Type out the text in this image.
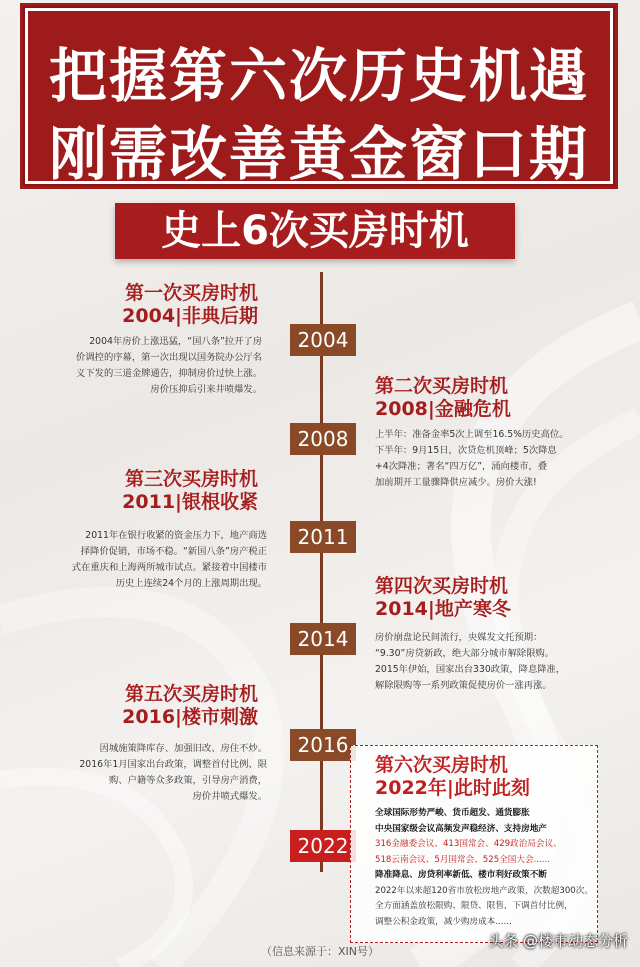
把握第六次历史机遇
刚需改善黄金窗口期
史上6次买房时机
2004
2008
2011
2014
2016
2022
第一次买房时机
2004|非典后期
2004年房价上涨迅猛，“国八条”拉开了房
价调控的序幕，第一次出现以国务院办公厅名
义下发的三道金牌通告，抑制房价过快上涨。
房价压抑后引来井喷爆发。	第二次买房时机
2008|金融危机
上半年：准备金率5次上调至16.5%历史高位。
下半年：9月15日，次贷危机顶峰；5次降息
+4次降准；著名“四万亿”，涌向楼市，叠
加前期开工量骤降供应减少。房价大涨!
第三次买房时机
2011|银根收紧
2011年在银行收紧的资金压力下，地产商选
择降价促销，市场不稳。“新国八条”房产税正
式在重庆和上海两所城市试点。紧接着中国楼市
历史上连续24个月的上涨周期出现。	第四次买房时机
2014|地产寒冬
房价崩盘论民间流行，央媒发文托预期：
“9.30”房贷新政，绝大部分城市解除限购。
2015年伊始，国家出台330政策，降息降准，
解除限购等一系列政策促使房价一涨再涨。
第五次买房时机
2016|楼市刺激
因城施策降库存、加强旧改、房住不炒。
2016年1月国家出台政策，调整首付比例、限
购、户籍等众多政策，引导房产消费，
房价井喷式爆发。
第六次买房时机
2022年|此时此刻
全球国际形势严峻、货币超发、通货膨胀
中央国家级会议高频发声稳经济、支持房地产
316金融委会议、413国常会、429政治局会议、
518云南会议、5月国常会、525全国大会......
降准降息、房贷利率新低、楼市利好政策不断
2022年以来超120省市放松房地产政策，次数超300次。
全方面涵盖放松限购、限贷、限售，下调首付比例，
调整公积金政策，减少购房成本......
（信息来源于：XIN号）
头条 @楼市动态分析
